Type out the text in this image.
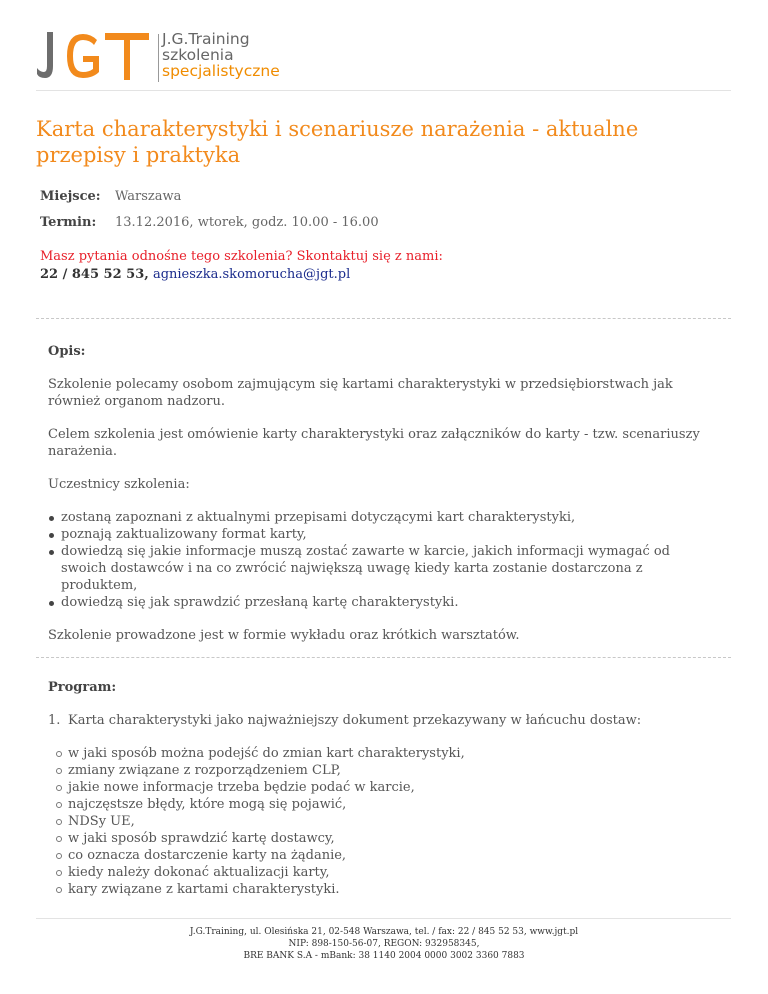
J.G.Training
szkolenia
specjalistyczne
Karta charakterystyki i scenariusze narażenia - aktualne przepisy i praktyka
Miejsce:	Warszawa
Termin:	13.12.2016, wtorek, godz. 10.00 - 16.00
Masz pytania odnośne tego szkolenia? Skontaktuj się z nami:
22 / 845 52 53, agnieszka.skomorucha@jgt.pl
Opis:

Szkolenie polecamy osobom zajmującym się kartami charakterystyki w przedsiębiorstwach jak również organom nadzoru.

Celem szkolenia jest omówienie karty charakterystyki oraz załączników do karty - tzw. scenariuszy narażenia.

Uczestnicy szkolenia:

zostaną zapoznani z aktualnymi przepisami dotyczącymi kart charakterystyki,
poznają zaktualizowany format karty,
dowiedzą się jakie informacje muszą zostać zawarte w karcie, jakich informacji wymagać od swoich dostawców i na co zwrócić największą uwagę kiedy karta zostanie dostarczona z produktem,
dowiedzą się jak sprawdzić przesłaną kartę charakterystyki.

Szkolenie prowadzone jest w formie wykładu oraz krótkich warsztatów.

Program:
1. Karta charakterystyki jako najważniejszy dokument przekazywany w łańcuchu dostaw:
w jaki sposób można podejść do zmian kart charakterystyki,
zmiany związane z rozporządzeniem CLP,
jakie nowe informacje trzeba będzie podać w karcie,
najczęstsze błędy, które mogą się pojawić,
NDSy UE,
w jaki sposób sprawdzić kartę dostawcy,
co oznacza dostarczenie karty na żądanie,
kiedy należy dokonać aktualizacji karty,
kary związane z kartami charakterystyki.
J.G.Training, ul. Olesińska 21, 02-548 Warszawa, tel. / fax: 22 / 845 52 53, www.jgt.pl
NIP: 898-150-56-07, REGON: 932958345,
BRE BANK S.A - mBank: 38 1140 2004 0000 3002 3360 7883
